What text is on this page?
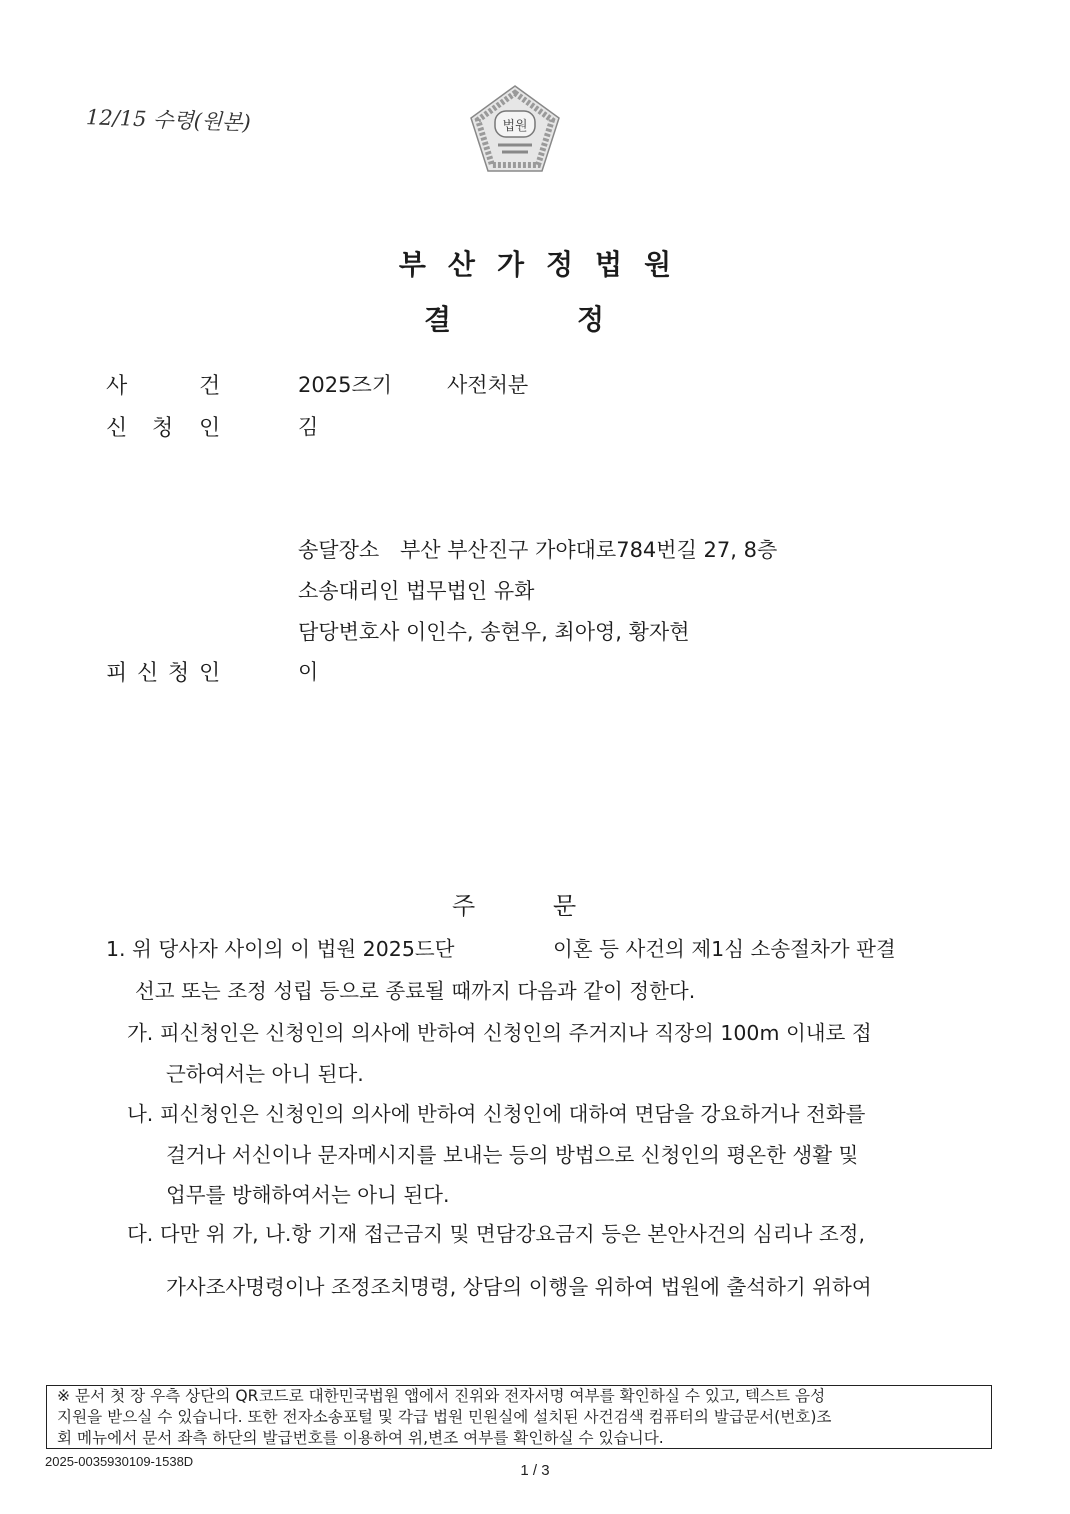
12/15 수령(원본)	법원
부산가정법원
결	정
사	건	2025즈기	사전처분
신 청 인	김
송달장소 부산 부산진구 가야대로784번길 27, 8층
소송대리인 법무법인 유화
담당변호사 이인수, 송현우, 최아영, 황자현
피 신 청 인	이
주	문
1. 위 당사자 사이의 이 법원 2025드단	이혼 등 사건의 제1심 소송절차가 판결
선고 또는 조정 성립 등으로 종료될 때까지 다음과 같이 정한다.
가. 피신청인은 신청인의 의사에 반하여 신청인의 주거지나 직장의 100m 이내로 접
근하여서는 아니 된다.
나. 피신청인은 신청인의 의사에 반하여 신청인에 대하여 면담을 강요하거나 전화를
걸거나 서신이나 문자메시지를 보내는 등의 방법으로 신청인의 평온한 생활 및
업무를 방해하여서는 아니 된다.
다. 다만 위 가, 나.항 기재 접근금지 및 면담강요금지 등은 본안사건의 심리나 조정,
가사조사명령이나 조정조치명령, 상담의 이행을 위하여 법원에 출석하기 위하여
※ 문서 첫 장 우측 상단의 QR코드로 대한민국법원 앱에서 진위와 전자서명 여부를 확인하실 수 있고, 텍스트 음성
지원을 받으실 수 있습니다. 또한 전자소송포털 및 각급 법원 민원실에 설치된 사건검색 컴퓨터의 발급문서(번호)조
회 메뉴에서 문서 좌측 하단의 발급번호를 이용하여 위,변조 여부를 확인하실 수 있습니다.
2025-0035930109-1538D
1 / 3
